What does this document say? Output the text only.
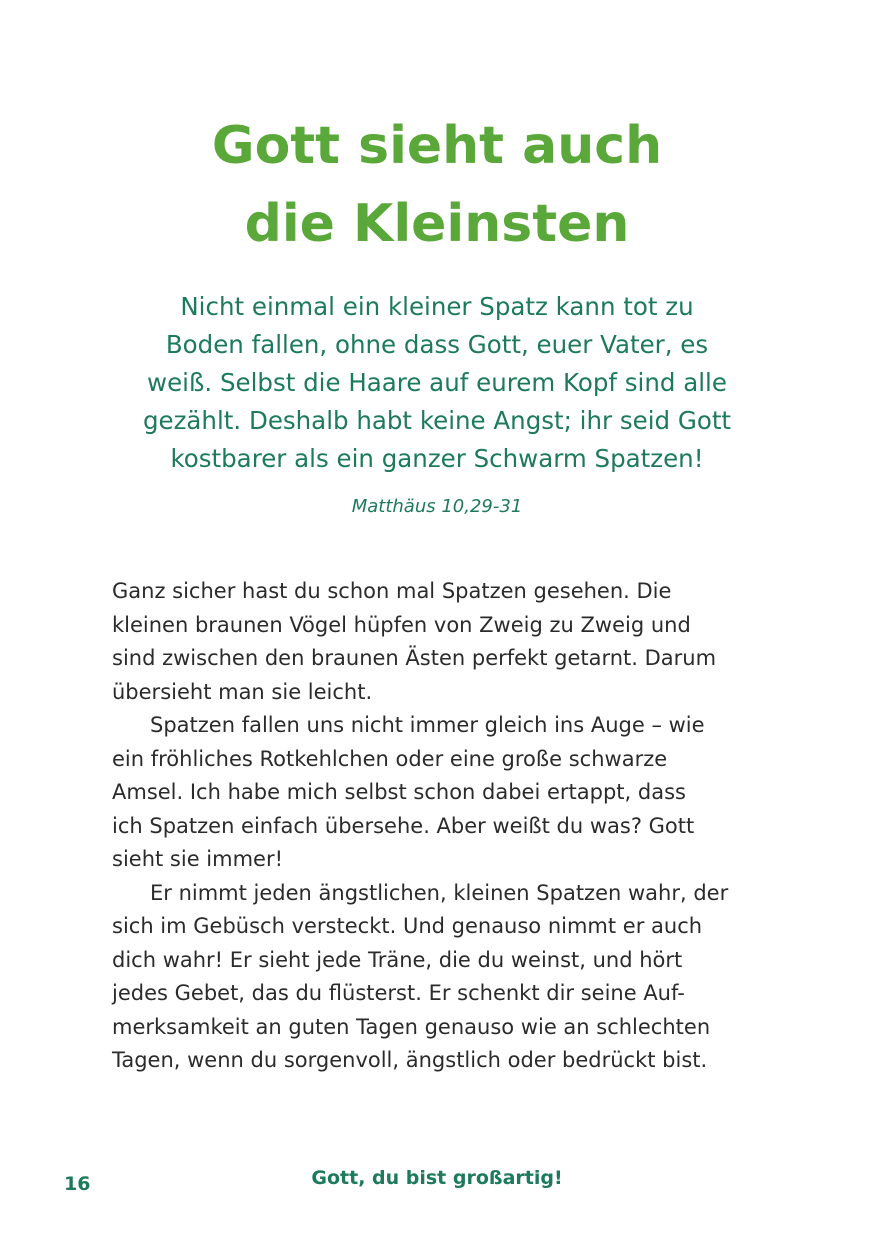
Gott sieht auch
die Kleinsten
Nicht einmal ein kleiner Spatz kann tot zu
Boden fallen, ohne dass Gott, euer Vater, es
weiß. Selbst die Haare auf eurem Kopf sind alle
gezählt. Deshalb habt keine Angst; ihr seid Gott
kostbarer als ein ganzer Schwarm Spatzen!
Matthäus 10,29-31
Ganz sicher hast du schon mal Spatzen gesehen. Die
kleinen braunen Vögel hüpfen von Zweig zu Zweig und
sind zwischen den braunen Ästen perfekt getarnt. Darum
übersieht man sie leicht.
Spatzen fallen uns nicht immer gleich ins Auge – wie
ein fröhliches Rotkehlchen oder eine große schwarze
Amsel. Ich habe mich selbst schon dabei ertappt, dass
ich Spatzen einfach übersehe. Aber weißt du was? Gott
sieht sie immer!
Er nimmt jeden ängstlichen, kleinen Spatzen wahr, der
sich im Gebüsch versteckt. Und genauso nimmt er auch
dich wahr! Er sieht jede Träne, die du weinst, und hört
jedes Gebet, das du flüsterst. Er schenkt dir seine Auf-
merksamkeit an guten Tagen genauso wie an schlechten
Tagen, wenn du sorgenvoll, ängstlich oder bedrückt bist.
16	Gott, du bist großartig!
